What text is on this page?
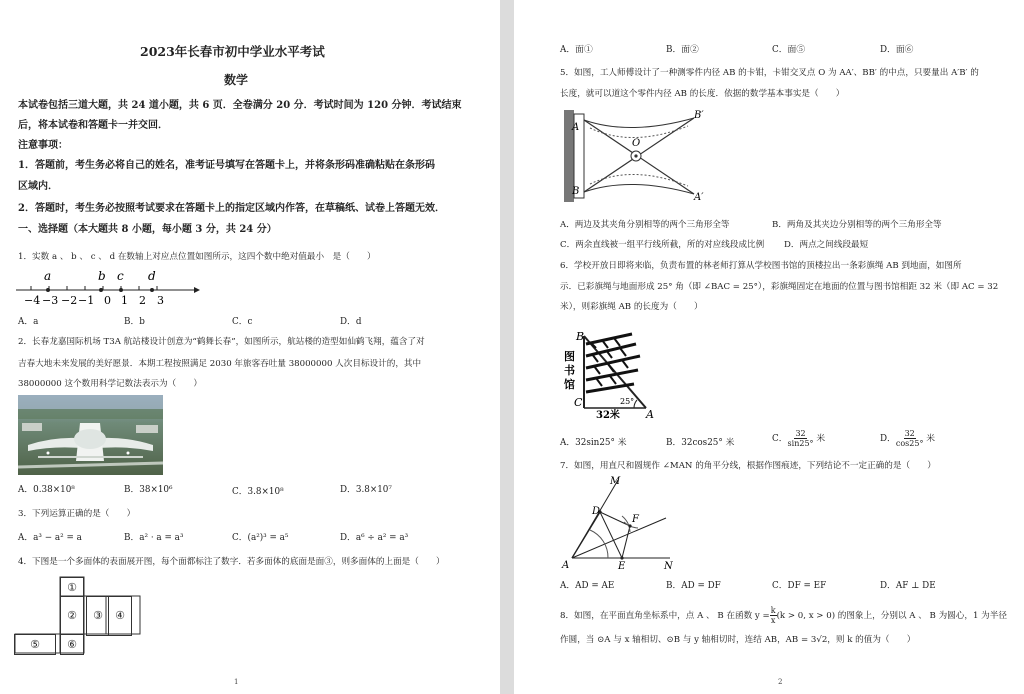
2023年长春市初中学业水平考试
数学
本试卷包括三道大题，共 24 道小题，共 6 页．全卷满分 20 分．考试时间为 120 分钟．考试结束
后，将本试卷和答题卡一并交回．
注意事项：
1．答题前，考生务必将自己的姓名，准考证号填写在答题卡上，并将条形码准确粘贴在条形码
区域内．
2．答题时，考生务必按照考试要求在答题卡上的指定区域内作答，在草稿纸、试卷上答题无效．
一、选择题（本大题共 8 小题，每小题 3 分，共 24 分）
1．实数 a 、 b 、 c 、 d 在数轴上对应点位置如图所示，这四个数中绝对值最小　是（　　）
a	b c d
−4 −3 −2 −1 0 1 2 3
A．a	B．b	C．c	D．d
2．长春龙嘉国际机场 T3A 航站楼设计创意为“鹤舞长春”，如图所示，航站楼的造型如仙鹤飞翔，蕴含了对
吉春大地未来发展的美好愿景．本期工程按照满足 2030 年旅客吞吐量 38000000 人次目标设计的，其中
38000000 这个数用科学记数法表示为（　　）
A．0.38×10⁸	B．38×10⁶	C．3.8×10⁸	D．3.8×10⁷
3．下列运算正确的是（　　）
A．a³ − a² = a	B．a² · a = a³	C．(a²)³ = a⁵	D．a⁶ ÷ a² = a³
4．下图是一个多面体的表面展开图，每个面都标注了数字．若多面体的底面是面③，则多面体的上面是（　　）
①
②	③	④
⑤	⑥
1
A．面①	B．面②	C．面⑤	D．面⑥
5．如图，工人师傅设计了一种测零件内径 AB 的卡钳，卡钳交叉点 O 为 AA′、BB′ 的中点，只要量出 A′B′ 的
长度，就可以道这个零件内径 AB 的长度．依据的数学基本事实是（　　）
A
B
O
B′
A′
A．两边及其夹角分别相等的两个三角形全等	B．两角及其夹边分别相等的两个三角形全等
C．两余直线被一组平行线所截，所的对应线段成比例 D．两点之间线段最短
6．学校开放日即将来临，负责布置的林老师打算从学校图书馆的顶楼拉出一条彩旗绳 AB 到地面，如图所
示．已彩旗绳与地面形成 25° 角（即 ∠BAC = 25°），彩旗绳固定在地面的位置与图书馆相距 32 米（即 AC = 32
米），则彩旗绳 AB 的长度为（　　）
B
图
书
馆
C
A
25°
32米
A．32sin25° 米	B．32cos25° 米	C． $\frac{32}{\sin 25^\circ}$ 米	D． $\frac{32}{\cos 25^\circ}$ 米
7．如图，用直尺和圆规作 ∠MAN 的角平分线，根据作图痕迹，下列结论不一定正确的是（　　）
M
D
F
A	E	N
A．AD = AE	B．AD = DF	C．DF = EF	D．AF ⊥ DE
8．如图，在平面直角坐标系中，点 A 、 B 在函数 $y = \frac{k}{x} (k > 0$, x > 0) 的图象上，分别以 A 、 B 为圆心，1 为半径
作圆，当 ⊙A 与 x 轴相切、⊙B 与 y 轴相切时，连结 AB，AB = 3√2，则 k 的值为（　　）
2
